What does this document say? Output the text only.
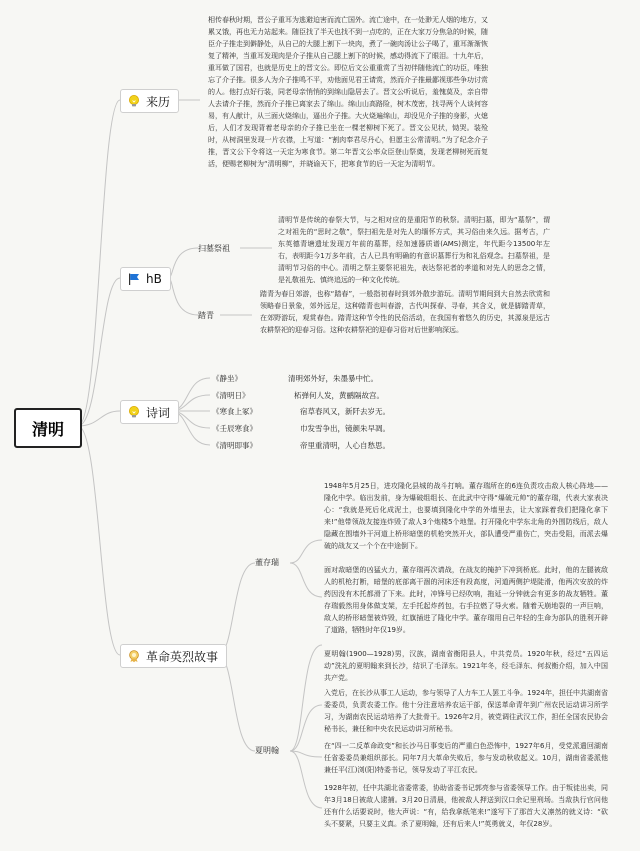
清明
来历
相传春秋时期，晋公子重耳为逃避迫害而流亡国外。流亡途中，在一处渺无人烟的地方，又累又饿，再也无力站起来。随臣找了半天也找不到一点吃的，正在大家万分焦急的时候，随臣介子推走到僻静处，从自己的大腿上割下一块肉，煮了一碗肉汤让公子喝了，重耳渐渐恢复了精神，当重耳发现肉是介子推从自己腿上割下的时候，感动得流下了眼泪。十九年后，重耳做了国君，也就是历史上的晋文公。即位后文公重重赏了当初伴随他流亡的功臣，唯独忘了介子推。很多人为介子推鸣不平，劝他面见君王请赏，然而介子推最鄙视那些争功讨赏的人。他打点好行装，同老母亲悄悄的到绵山隐居去了。晋文公听说后，羞愧莫及，亲自带人去请介子推，然而介子推已离家去了绵山。绵山山高路险，树木茂密，找寻两个人谈何容易，有人献计，从三面火烧绵山，逼出介子推。大火烧遍绵山，却没见介子推的身影，火熄后，人们才发现背着老母亲的介子推已坐在一棵老柳树下死了。晋文公见状，恸哭。装殓时，从树洞里发现一片衣襟，上写道：“割肉奉君尽丹心，但愿主公常清明。”为了纪念介子推，晋文公下令将这一天定为寒食节。第二年晋文公率众臣登山祭奠，发现老柳树死而复活，便赐老柳树为“清明柳”，并晓谕天下，把寒食节的后一天定为清明节。
hB
扫墓祭祖
清明节是传统的春祭大节，与之相对应的是重阳节的秋祭。清明扫墓，即为“墓祭”，谓之对祖先的“思时之敬”，祭扫祖先是对先人的缅怀方式，其习俗由来久远。据考古，广东英德青塘遗址发现万年前的墓葬，经加速器质谱(AMS)测定，年代距今13500年左右，表明距今1万多年前，古人已具有明确的有意识墓葬行为和礼俗观念。扫墓祭祖，是清明节习俗的中心。清明之祭主要祭祀祖先，表达祭祀者的孝道和对先人的思念之情，是礼敬祖先、慎终追远的一种文化传统。
踏青
踏青为春日郊游，也称“踏春”，一般指初春时到郊外散步游玩。清明节期间到大自然去欣赏和领略春日景象，郊外远足，这种踏青也叫春游，古代叫探春、寻春，其含义，就是脚踏青草，在郊野游玩，观赏春色。踏青这种节令性的民俗活动，在我国有着悠久的历史，其源泉是远古农耕祭祀的迎春习俗。这种农耕祭祀的迎春习俗对后世影响深远。
诗词
《静坐》	清明郊外好，朱墨暴中忙。
《清明日》	柘弹何人发，黄鹂隔故宫。
《寒食上冢》	宿草春风又，新阡去岁无。
《壬辰寒食》	巾发雪争出，镜颜朱早凋。
《清明即事》	帝里重清明，人心自愁思。
革命英烈故事
董存瑞
1948年5月25日，进攻隆化县城的战斗打响。董存瑞所在的6连负责攻击敌人核心阵地——隆化中学。临出发前，身为爆破组组长、在此武中守得“爆破元帅”的董存瑞，代表大家表决心：“我就是死后化成泥土，也要填到隆化中学的外墙里去，让大家踩着我们把隆化拿下来!”他带领战友接连炸毁了敌人3个炮楼5个地堡。打开隆化中学东北角的外围防线后，敌人隐藏在围墙外干河道上桥形暗堡的机枪突然开火，部队遭受严重伤亡，突击受阻，而派去爆破的战友又一个个在中途倒下。
面对敌暗堡的凶猛火力，董存瑞再次请战，在战友的掩护下冲到桥底。此时，他的左腿被敌人的机枪打断，暗堡的底部离干涸的河床还有段高度，河道两侧护堤陡滑，他两次安放的炸药因没有木托都滑了下来。此时，冲锋号已经吹响，拖延一分钟就会有更多的战友牺牲。董存瑞毅然用身体做支架，左手托起炸药包，右手拉燃了导火索。随着天崩地裂的一声巨响，敌人的桥形暗堡被炸毁，红旗插进了隆化中学。董存瑞用自己年轻的生命为部队的胜利开辟了道路，牺牲时年仅19岁。
夏明翰
夏明翰(1900—1928)男，汉族，湖南省衡阳县人，中共党员。1920年秋，经过“五四运动”洗礼的夏明翰来到长沙，结识了毛泽东。1921年冬，经毛泽东、何叔衡介绍，加入中国共产党。
入党后，在长沙从事工人运动，参与领导了人力车工人罢工斗争。1924年，担任中共湖南省委委员，负责农委工作。他十分注意培养农运干部，保送革命青年到广州农民运动讲习所学习，为湖南农民运动培养了大批骨干。1926年2月，被党调往武汉工作，担任全国农民协会秘书长，兼任和中央农民运动讲习所秘书。
在“四一二反革命政变”和长沙马日事变后的严重白色恐怖中，1927年6月，受党派遣回湖南任省委委员兼组织部长。同年7月大革命失败后，参与发动秋收起义。10月，湖南省委派他兼任平(江)浏(阳)特委书记，领导发动了平江农民。
1928年初，任中共湖北省委常委，协助省委书记郭亮参与省委领导工作。由于叛徒出卖，同年3月18日被敌人逮捕。3月20日清晨，他被敌人押送到汉口余记里刑场。当敌执行官问他还有什么话要说时，他大声说：“有，给我拿纸笔来!”遂写下了那首大义凛然的就义诗：“砍头不要紧，只要主义真。杀了夏明翰，还有后来人!”英勇就义，年仅28岁。
